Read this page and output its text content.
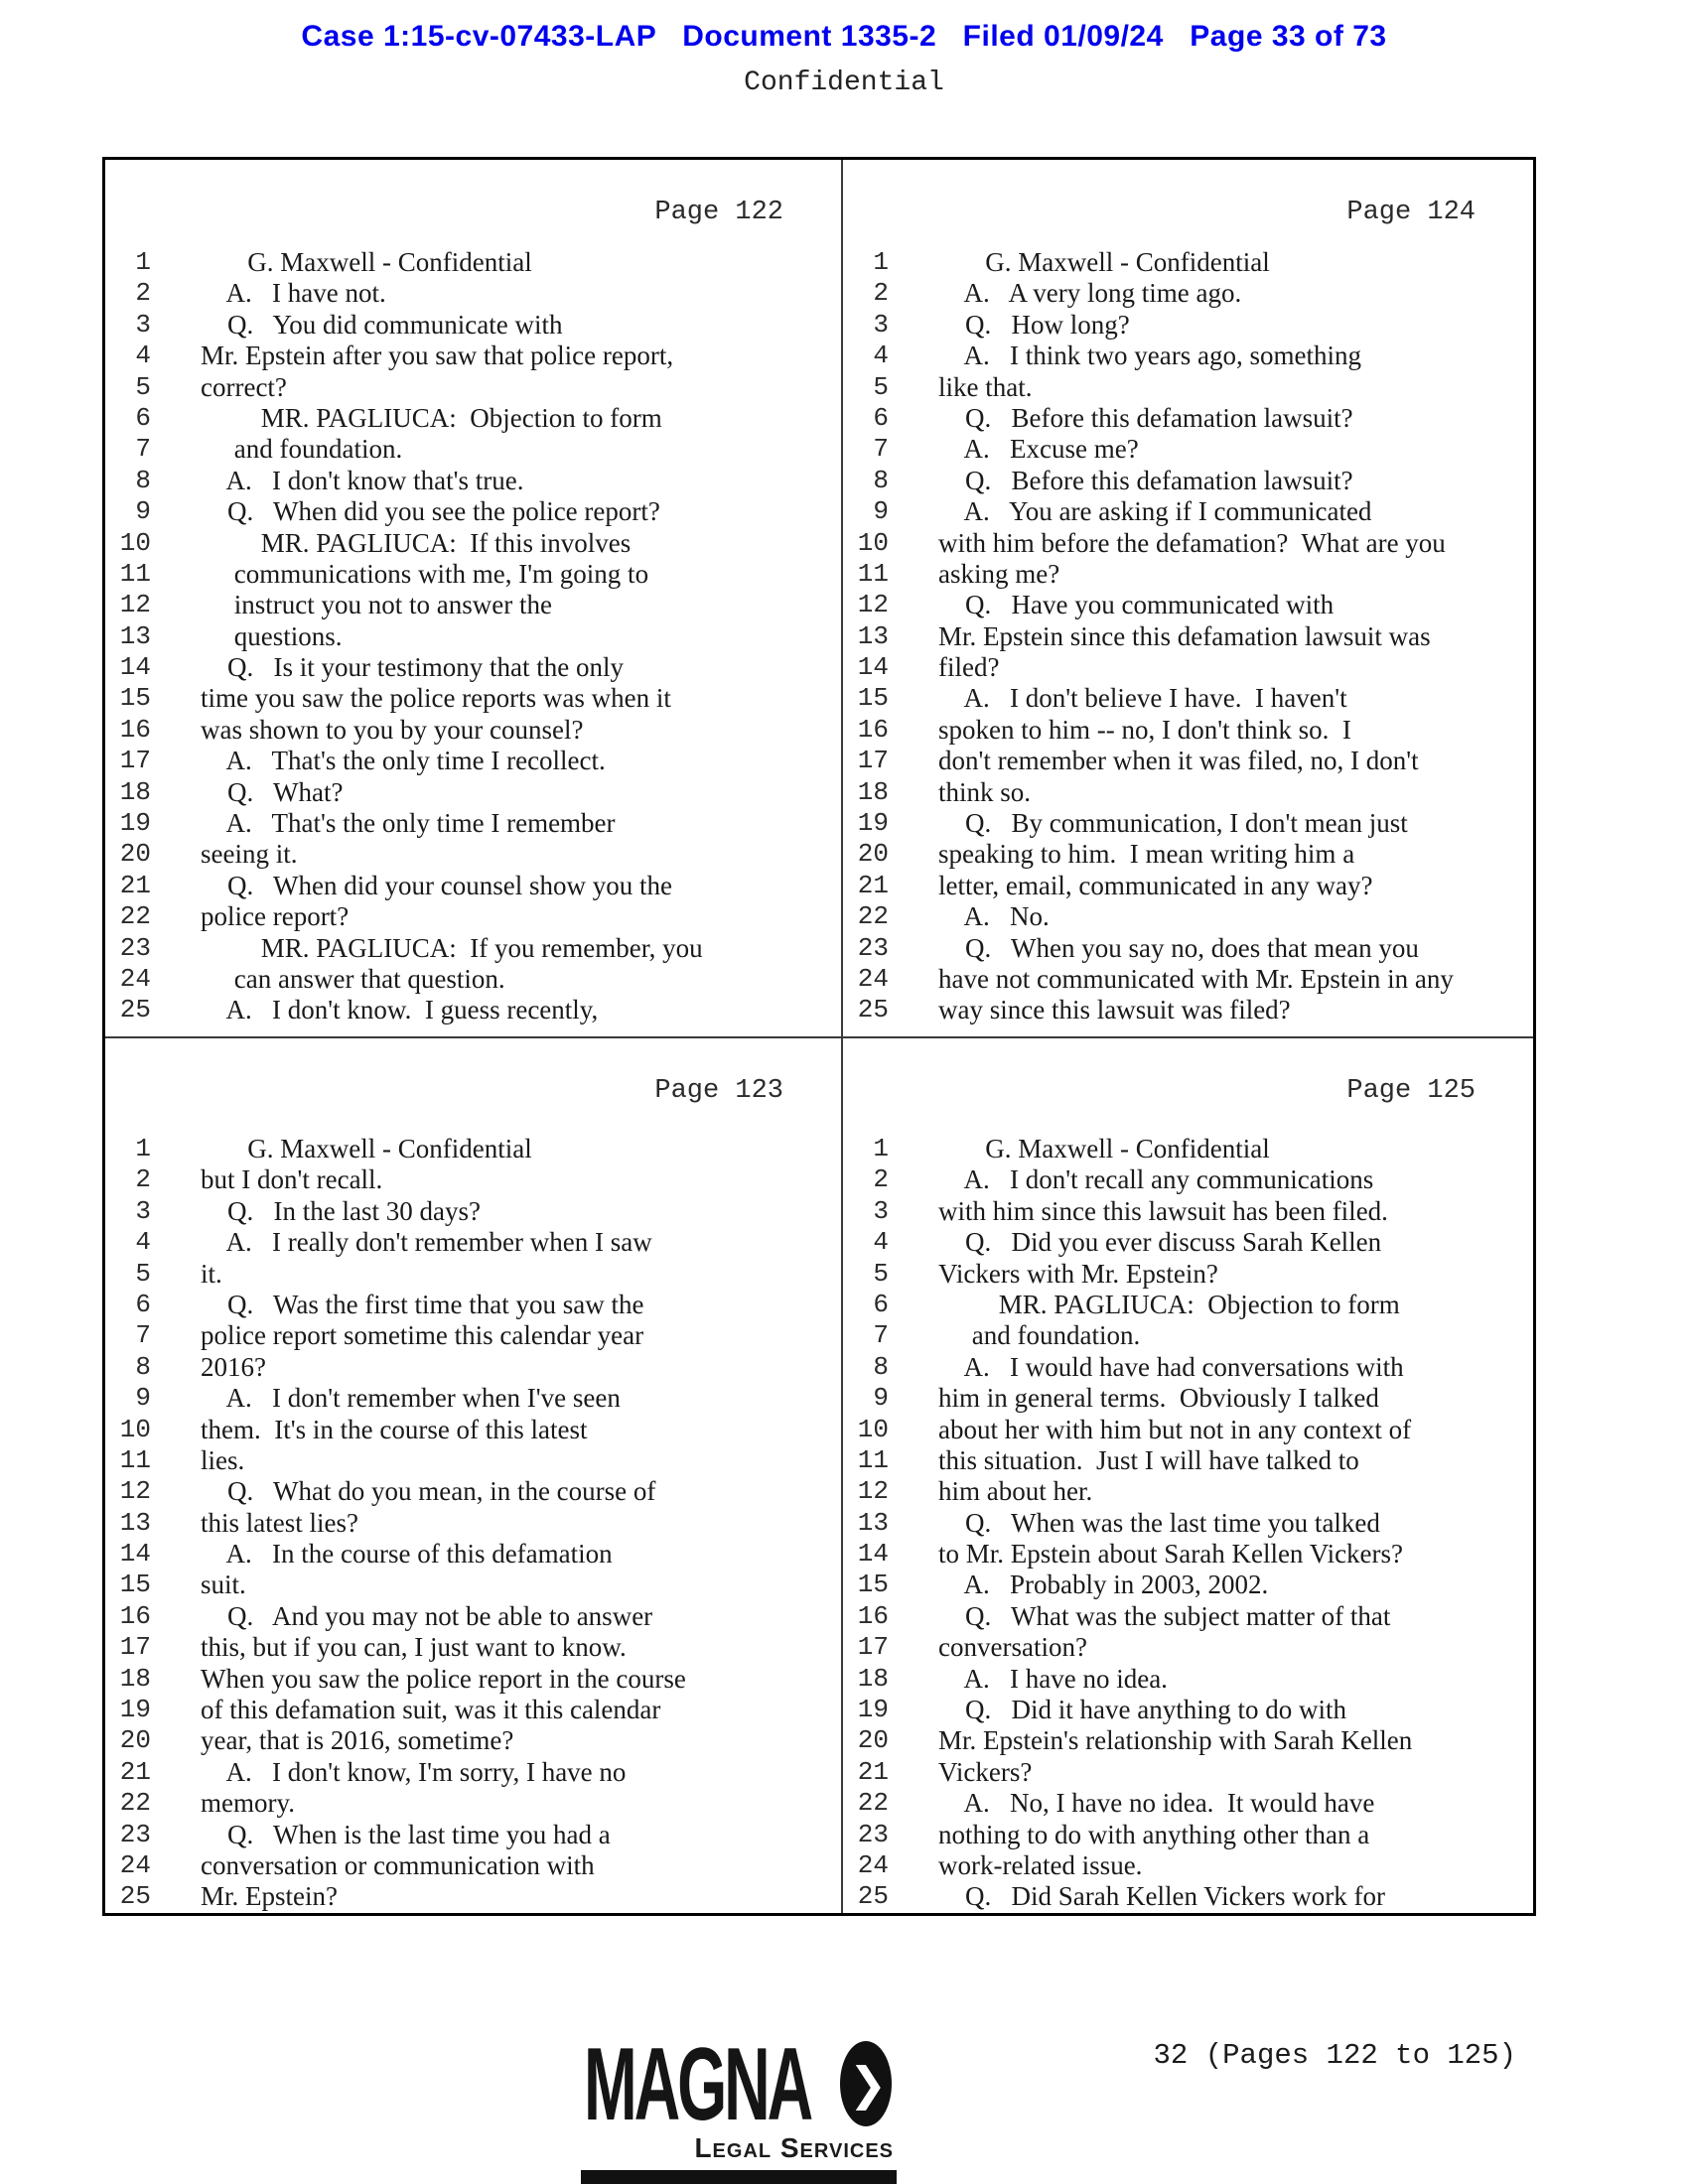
Case 1:15-cv-07433-LAP   Document 1335-2   Filed 01/09/24   Page 33 of 73
Confidential
Page 122
1	G. Maxwell - Confidential
2	A.   I have not.
3	Q.   You did communicate with
4	Mr. Epstein after you saw that police report,
5	correct?
6	MR. PAGLIUCA:  Objection to form
7	and foundation.
8	A.   I don't know that's true.
9	Q.   When did you see the police report?
10	MR. PAGLIUCA:  If this involves
11	communications with me, I'm going to
12	instruct you not to answer the
13	questions.
14	Q.   Is it your testimony that the only
15	time you saw the police reports was when it
16	was shown to you by your counsel?
17	A.   That's the only time I recollect.
18	Q.   What?
19	A.   That's the only time I remember
20	seeing it.
21	Q.   When did your counsel show you the
22	police report?
23	MR. PAGLIUCA:  If you remember, you
24	can answer that question.
25	A.   I don't know.  I guess recently,
Page 124
1	G. Maxwell - Confidential
2	A.   A very long time ago.
3	Q.   How long?
4	A.   I think two years ago, something
5	like that.
6	Q.   Before this defamation lawsuit?
7	A.   Excuse me?
8	Q.   Before this defamation lawsuit?
9	A.   You are asking if I communicated
10	with him before the defamation?  What are you
11	asking me?
12	Q.   Have you communicated with
13	Mr. Epstein since this defamation lawsuit was
14	filed?
15	A.   I don't believe I have.  I haven't
16	spoken to him -- no, I don't think so.  I
17	don't remember when it was filed, no, I don't
18	think so.
19	Q.   By communication, I don't mean just
20	speaking to him.  I mean writing him a
21	letter, email, communicated in any way?
22	A.   No.
23	Q.   When you say no, does that mean you
24	have not communicated with Mr. Epstein in any
25	way since this lawsuit was filed?
Page 123
1	G. Maxwell - Confidential
2	but I don't recall.
3	Q.   In the last 30 days?
4	A.   I really don't remember when I saw
5	it.
6	Q.   Was the first time that you saw the
7	police report sometime this calendar year
8	2016?
9	A.   I don't remember when I've seen
10	them.  It's in the course of this latest
11	lies.
12	Q.   What do you mean, in the course of
13	this latest lies?
14	A.   In the course of this defamation
15	suit.
16	Q.   And you may not be able to answer
17	this, but if you can, I just want to know.
18	When you saw the police report in the course
19	of this defamation suit, was it this calendar
20	year, that is 2016, sometime?
21	A.   I don't know, I'm sorry, I have no
22	memory.
23	Q.   When is the last time you had a
24	conversation or communication with
25	Mr. Epstein?
Page 125
1	G. Maxwell - Confidential
2	A.   I don't recall any communications
3	with him since this lawsuit has been filed.
4	Q.   Did you ever discuss Sarah Kellen
5	Vickers with Mr. Epstein?
6	MR. PAGLIUCA:  Objection to form
7	and foundation.
8	A.   I would have had conversations with
9	him in general terms.  Obviously I talked
10	about her with him but not in any context of
11	this situation.  Just I will have talked to
12	him about her.
13	Q.   When was the last time you talked
14	to Mr. Epstein about Sarah Kellen Vickers?
15	A.   Probably in 2003, 2002.
16	Q.   What was the subject matter of that
17	conversation?
18	A.   I have no idea.
19	Q.   Did it have anything to do with
20	Mr. Epstein's relationship with Sarah Kellen
21	Vickers?
22	A.   No, I have no idea.  It would have
23	nothing to do with anything other than a
24	work-related issue.
25	Q.   Did Sarah Kellen Vickers work for
MAGNA ❯
Legal Services
32 (Pages 122 to 125)
